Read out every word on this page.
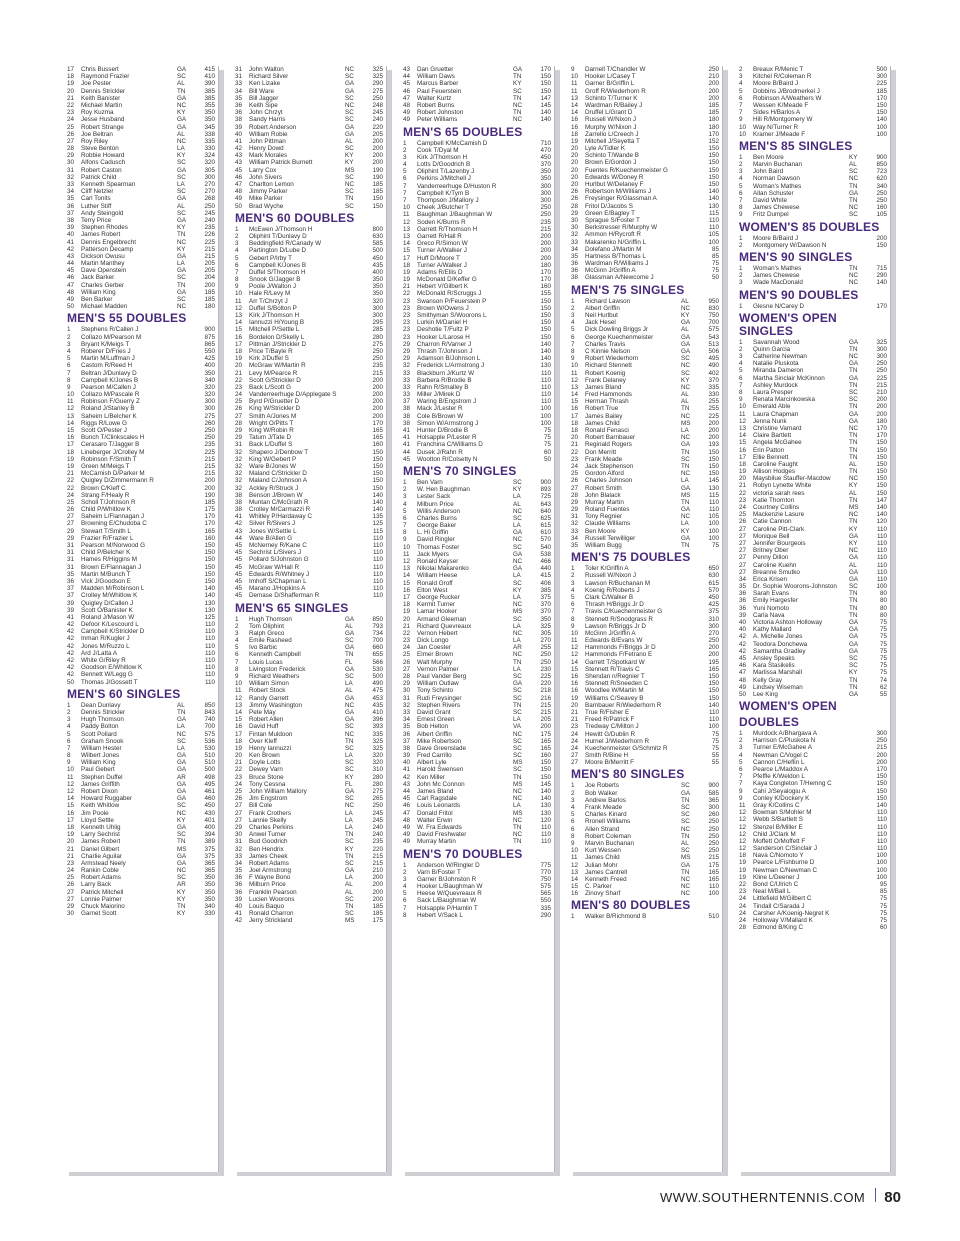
17	Chris Bussert	GA	415
18	Raymond Frazier	SC	410
19	Joe Pester	AL	390
20	Dennis Strickler	TN	385
21	Keith Banister	GA	385
22	Michael Martin	NC	355
23	Roy Kuzma	KY	350
24	Jesse Husband	GA	350
25	Robert Strange	GA	345
26	Joe Beltran	AL	338
27	Roy Riley	NC	335
28	Steve Benton	LA	330
29	Robbie Howard	KY	324
30	Alfons Cadusch	SC	320
31	Robert Caston	GA	305
32	Patrick Child	SC	300
33	Kenneth Spearman	LA	270
34	Cliff Netzler	SC	270
35	Carl Tonits	GA	268
36	Luther Stiff	AL	250
37	Andy Steingold	SC	245
38	Terry Price	GA	240
39	Stephen Rhodes	KY	235
40	James Robert	TN	226
41	Dennis Engelbrecht	NC	225
42	Patterson Decamp	KY	215
43	Dickson Owusu	GA	215
44	Martin Manthey	LA	205
45	Dave Openstein	GA	205
46	Jack Barker	SC	204
47	Charles Gerber	TN	200
48	William King	GA	185
49	Ben Barker	SC	185
50	Michael Madden	NC	180
MEN'S 55 DOUBLES
1	Stephens R/Callen J	900
2	Collazo M/Pearson M	875
3	Bryant K/Meigs T	865
4	Roberer D/Fries J	550
5	Martin M/Luffman J	425
6	Castom R/Reed H	400
7	Beltran J/Dunlavy D	350
8	Campbell K/Jones B	340
9	Pearson M/Callen J	320
10	Collazo M/Pascale R	320
11	Robinson F/Guerry Z	300
12	Roland J/Stanley B	300
13	Saheim L/Belcher K	275
14	Riggs R/Lowe G	260
15	Scott O/Pester J	250
16	Bunch T/Clinkscales H	250
17	Cerasaro T/Jagger B	235
18	Lineberger J/Crolley M	225
19	Robinson F/Smith T	215
19	Green M/Meigs T	215
21	McCarnish D/Parker M	215
22	Quigley D/Zimmermann R	200
22	Brown C/Kleff C	200
24	Strang F/Healy R	190
25	Scholl T/Johnson R	185
26	Child P/Whitlow K	175
27	Saheim L/Flannagan J	170
27	Browning E/Chudoba C	170
29	Stewart T/Smith L	165
29	Frazier R/Frazier L	160
31	Pearson M/Norwood G	150
31	Child P/Belcher K	150
31	Hames R/Higgins M	150
31	Brown E/Flannagan J	150
35	Martin M/Bunch T	150
36	Vick J/Goodson E	150
37	Madden M/Robinson L	140
37	Crolley M/Whitlow K	140
39	Quigley D/Callen J	130
39	Scott O/Banister K	130
41	Roland J/Mason W	125
42	Defoor K/Lescourd L	110
42	Campbell K/Strickler D	110
42	Inman R/Kugler J	110
42	Jones M/Ruzzo L	110
42	Ard J/Latta A	110
42	White G/Riley R	110
42	Goodson E/Whitlow K	110
42	Bennett W/Legg G	110
50	Thomas J/Gossett T	110
MEN'S 60 SINGLES
1	Dean Dunlavy	AL	850
2	Dennis Strickler	TN	843
3	Hugh Thomson	GA	740
4	Paddy Bolton	LA	700
5	Scott Pollard	NC	575
6	Graham Snook	SC	536
7	William Hester	LA	530
8	Wilbert Jones	GA	510
9	William King	GA	510
10	Paul Gebert	GA	500
11	Stephen Duffel	AR	498
12	James Griffith	GA	495
12	Robert Dixon	GA	461
14	Howard Ruggaber	GA	460
15	Keith Whitlow	SC	450
16	Jim Poole	NC	430
17	Lloyd Settle	KY	401
18	Kenneth Uhlig	GA	400
19	Larry Sechrist	SC	394
20	James Robert	TN	389
21	Daniel Gilbert	MS	375
21	Charlie Aguilar	GA	375
23	Armstead Neely	GA	365
24	Rankin Coble	NC	365
25	Robert Adams	SC	350
26	Larry Back	AR	350
27	Patrick Mitchell	KY	350
27	Lonnie Palmer	KY	350
29	Chuck Maiorino	TN	340
30	Garnet Scott	KY	330
31	John Walton	NC	325
31	Richard Silver	SC	325
33	Ken Lizake	GA	290
34	Bill Ware	GA	275
35	Bill Jagger	SC	250
36	Keith Sipe	NC	248
36	John Chrzyt	SC	245
38	Sandy Harris	SC	240
39	Robert Anderson	GA	220
40	William Robie	GA	205
41	John Pittman	AL	200
42	Henry Dowd	SC	200
43	Mark Morales	KY	200
43	William Patrick Burnett	KY	200
45	Larry Cox	MS	190
46	John Sivers	SC	190
47	Charlton Lemon	NC	185
48	Jimmy Parker	SC	185
49	Mike Parker	TN	150
50	Brad Wyche	SC	150
MEN'S 60 DOUBLES
1	McEwen J/Thomson H	800
2	Oliphint T/Dunlavy D	630
3	Beddingfield R/Canady W	585
4	Partington D/Lube D	500
5	Gebert P/Irby T	450
6	Campbell K/Jones B	435
7	Duffel S/Thomson H	400
8	Snook G/Jagger B	350
9	Poole J/Walton J	350
10	Hale R/Levy M	350
11	Arr T/Chrzyt J	320
12	Duffel S/Bolton P	300
13	Kirk J/Thomson H	300
14	Iannuzzi H/Young B	295
15	Mitchell P/Settle L	285
16	Bordelon D/Skelly L	280
17	Pittman J/Strickler D	275
18	Price T/Bayle R	250
19	Kirk J/Duffel S	250
20	McGraw W/Martin R	235
21	Levy M/Pearce R	215
22	Scott G/Strickler D	200
23	Back L/Scott G	200
24	Vanderreerhuge D/Applegate S	200
25	Byrd P/Gruetter D	200
26	King W/Strickler D	200
27	Smith A/Jones M	200
28	Wright O/Pitts T	170
29	King W/Robin R	165
29	Tatum J/Tate D	165
31	Back L/Duffel S	160
32	Shapero J/Denbow T	150
32	King W/Gebert P	150
32	Ware B/Jones W	150
32	Maland C/Strickler D	150
32	Maland C/Johnson A	150
32	Ackley R/Struck J	150
38	Benson J/Brown W	140
38	Muntan C/McGrath R	140
38	Crolley M/Carmazzi R	140
41	Whitley P/Hardaway C	135
42	Silver R/Sivers J	125
43	Jones W/Settle L	115
44	Ware B/Allen G	110
45	McNerney R/Kane C	110
45	Sechrist L/Sivers J	110
45	Pollard S/Johnston G	110
45	McGraw W/Hall R	110
45	Edwards R/Whitney J	110
45	Imhoff S/Chapman L	110
45	Marano J/Hopkins A	110
45	Demase D/Shafferman R	110
MEN'S 65 SINGLES
1	Hugh Thomson	GA	850
2	Tom Oliphint	AL	793
3	Ralph Greco	GA	734
4	Emile Rasheed	SC	700
5	Ivo Barbic	GA	660
6	Kenneth Campbell	TN	655
7	Louis Lucas	FL	566
8	Livingston Frederick	GA	530
9	Richard Weathers	SC	500
10	William Simon	LA	490
11	Robert Stock	AL	475
12	Randy Garrett	GA	453
13	Jimmy Washington	NC	435
14	Pete May	GA	410
15	Robert Allen	GA	396
16	David Huff	SC	393
17	Fintan Muldoon	NC	335
18	Over Kleff	TN	325
19	Henry Iannuzzi	SC	325
20	Ken Brown	LA	320
21	Doyle Lotts	SC	320
22	Dewey Varn	SC	310
23	Bruce Stone	KY	280
24	Tony Cessna	FL	280
25	John William Mallory	GA	275
26	Jim Engstrom	SC	265
27	Bill Cole	NC	250
27	Frank Crothers	LA	245
27	Lannie Skelly	LA	245
29	Charles Perkins	LA	240
30	Anwel Turner	TN	240
31	Bud Goodrich	SC	235
32	Ben Hendrix	KY	220
33	James Cheek	TN	215
34	Robert Adams	SC	215
35	Joel Armstrong	GA	210
36	F Wayne Bono	LA	200
36	Milburn Price	AL	200
36	Franklin Pearson	AL	200
39	Lucien Woorons	SC	200
40	Louis Baquo	TN	185
41	Ronald Charron	SC	185
42	Jerry Strickland	MS	175
43	Dan Gruetter	GA	170
44	William Daws	TN	150
45	Marcus Barber	KY	150
46	Paul Feuerstein	SC	150
47	Walter Kurtz	TN	147
48	Robert Burns	NC	145
49	Robert Johnston	TN	140
49	Peter Williams	NC	140
MEN'S 65 DOUBLES
1	Campbell K/McCamish D	710
2	Cook T/Dyal M	470
3	Kirk J/Thomson H	450
4	Lotts D/Goodrich B	370
5	Oliphint T/Lazenby J	350
6	Perkins J/Mitchell J	350
7	Vanderreerhuge D/Huston R	300
7	Campbell K/Tym B	300
7	Thompson J/Mallory J	300
10	Cheek J/Butcher T	250
11	Baughman J/Baughman W	250
12	Soden K/Burns R	235
13	Garrett R/Thomson H	215
13	Garrett R/Hall R	200
14	Greco R/Simon W	200
15	Turner A/Walker J	200
17	Huff D/Moore T	200
18	Turner A/Walker J	180
19	Adams R/Ellis D	170
19	McDonald D/Keffer G	170
21	Hebert V/Gilbert K	160
22	McDonald R/Scruggs J	155
23	Swanson P/Feuerstein P	150
23	Brown W/Owens J	150
23	Smithyman S/Woorons L	150
23	Lurkin M/Daniel H	150
23	Deshotie T/Fultz P	150
23	Hooker L/Larose H	150
29	Charron R/Varner J	140
29	Thrash T/Johnson J	140
29	Adamson B/Johnson L	140
32	Frederick L/Armstrong J	130
33	Blackburn J/Kurtz W	110
33	Barbera R/Brodie B	110
33	Rahn R/Smalley B	110
33	Miller J/Mirek D	110
37	Waring B/Engstrom J	110
38	Mack J/Lester R	100
38	Cole B/Brown W	100
38	Simon W/Armstrong J	100
41	Hunter D/Brodie B	75
41	Holsapple P/Lester R	75
41	Franchina C/Williams D	75
44	Dusek J/Rahn R	60
45	Wootton R/Colsetty N	50
MEN'S 70 SINGLES
1	Ben Varn	SC	900
2	W. Hen Baughman	KY	893
3	Lester Sack	LA	725
4	Milburn Price	AL	643
5	Willis Anderson	NC	640
6	Charles Burns	SC	625
7	George Baker	LA	615
8	L. Hi Griffin	GA	610
9	David Ringler	NC	570
10	Thomas Foster	SC	540
11	Jack Myers	GA	538
12	Ronald Keyser	NC	466
13	Nikolai Makarenko	GA	440
14	William Heese	LA	415
15	Ronald Groff	SC	406
16	Elton West	KY	385
17	George Rucker	LA	375
18	Kermit Turner	NC	370
19	Lamar Hooker	MS	370
20	Armand Gleeman	SC	350
21	Richard Quevreaux	LA	325
22	Vernon Hebert	NC	305
23	Dick Longo	LA	270
24	Jan Coester	AR	255
25	Elmer Brown	NC	250
26	Walt Murphy	TN	250
27	Vernon Palmer	LA	230
28	Paul Vander Berg	SC	225
29	William Outlaw	GA	220
30	Tony Schinto	SC	218
31	Rudi Freysinger	SC	216
32	Stephen Rivers	TN	215
33	David Grant	SC	215
34	Ernest Green	LA	205
35	Bob Helton	VA	200
36	Albert Griffin	NC	175
37	Mike Robertson	SC	165
38	Dave Greenslade	SC	165
39	Fred Carrillo	SC	160
40	Albert Lyle	MS	150
41	Harold Swensen	SC	150
42	Ken Miller	TN	150
43	John Mc Connon	MS	145
44	James Bland	NC	140
45	Carl Ragsdale	NC	140
46	Louis Leonards	LA	130
47	Donald Fritol	MS	130
48	Walter Erwin	NC	120
49	W. Fra Edwards	TN	110
49	David Freshwater	NC	110
49	Murray Martin	TN	110
MEN'S 70 DOUBLES
1	Anderson W/Ringler D	775
2	Varn B/Foster T	770
3	Garner B/Johnston R	750
4	Hooker L/Baughman W	575
5	Heese W/Quevreaux R	565
6	Sack L/Baughman W	550
7	Holsapple P/Hamlin T	335
8	Hebert V/Sack L	290
9	Darnell T/Chandler W	250
10	Hooker L/Casey T	210
11	Garner B/Griffin L	200
11	Groff R/Wiederhorn R	200
13	Schinto T/Turner K	200
14	Wardman R/Bailey J	185
14	Druffel L/Grant D	185
16	Russell W/Nixon J	180
16	Murphy W/Nixon J	180
18	Zarrello L/Creech J	170
19	Mitchell J/Seyetta T	152
20	Lyle A/Tidler K	150
20	Schinto T/Wande B	150
20	Brown E/Gordon J	150
20	Fuentes R/Kuechenmeister G	150
20	Edwards W/Doney R	150
20	Hurlbut W/Delaney F	150
26	Robertson M/Williams J	140
26	Freysinger R/Glassman A	140
28	Fritol D/Jacobs S	130
29	Green E/Bagley T	115
30	Sprague S/Foster T	110
30	Berkstresser R/Murphy W	110
32	Ammon H/Rycroft R	105
33	Makarenko N/Griffin L	100
34	Dolefano J/Martin M	85
35	Hartness B/Thomas L	85
36	Wardman R/Williams J	75
36	McGinn J/Griffin A	75
38	Glassman A/Newcome J	50
MEN'S 75 SINGLES
1	Richard Lawson	AL	950
2	Albert Griffin	NC	830
3	Neil Hurlbut	KY	750
4	Jack Hesel	GA	700
5	Dick Dowling Briggs Jr	AL	575
6	George Kuechenmeister	GA	543
7	Charles Travis	GA	513
8	C Kinnie Nelson	GA	506
9	Robert Wiederhorn	SC	495
10	Richard Stennett	NC	490
11	Robert Koenig	SC	402
12	Frank Delaney	KY	370
13	James Bland	NC	335
14	Fred Hammonds	AL	330
15	Herman Thrash	AL	255
16	Robert True	TN	255
17	James Bailey	NC	225
18	James Child	MS	200
18	Ronald Fenasci	LA	200
20	Robert Barnbauer	NC	200
21	Reginald Rogers	GA	193
22	Don Merritt	TN	150
23	Frank Meade	SC	150
24	Jack Stephenson	TN	150
25	Gordon Alford	NC	150
26	Charles Johnson	LA	145
27	Robert Smith	GA	130
28	John Blalack	MS	115
29	Murray Martin	TN	110
29	Roland Fuentes	GA	110
31	Tony Regnier	NC	105
32	Claude Williams	LA	100
33	Ben Moore	KY	100
34	Russell Terwilliger	GA	100
35	William Bugg	TN	75
MEN'S 75 DOUBLES
1	Toler K/Griffin A	650
2	Russell W/Nixon J	630
3	Lawson R/Buchanan M	615
4	Koenig R/Roberts J	570
5	Clark C/Walker B	450
6	Thrash H/Briggs Jr D	425
7	Travis C/Kuechenmeister G	375
8	Stennett R/Snodgrass R	310
9	Lawson R/Briggs Jr D	300
10	McGinn J/Griffin A	270
11	Edwards B/Evans W	250
12	Hammonds F/Briggs Jr D	200
12	Hammonds F/Fetrano E	200
14	Garrett T/Spotkard W	195
15	Stennett R/Travis C	165
16	Shendan n/Regnier T	150
16	Stennett R/Sneeden C	150
16	Woodlee W/Martin M	150
19	Williams C/Seavey B	150
20	Barnbauer R/Wiederhorn R	140
21	True R/Fisher E	110
21	Freed R/Patrick F	110
23	Tredway C/Milton J	100
24	Hewitt G/Dublin R	75
24	Hurnel J/Wiederhorn R	75
24	Kuechenmeister G/Schmitz R	75
27	Smith R/Bine H	55
27	Moore B/Merritt F	55
MEN'S 80 SINGLES
1	Joe Roberts	SC	900
2	Bob Walker	GA	585
3	Andrew Barlos	TN	365
4	Frank Meade	SC	300
5	Charles Kinard	SC	260
6	Rronell Williams	SC	250
6	Allen Strand	NC	250
8	Robert Coleman	TN	250
9	Marvin Buchanan	AL	250
10	Kurt Wessen	SC	250
11	James Child	MS	215
12	Julian Mohr	GA	175
13	James Cantrell	TN	165
14	Kenneth Freed	NC	165
15	C. Parker	NC	110
16	Zinovy Sharf	NC	100
MEN'S 80 DOUBLES
1	Walker B/Richmond B	510
2	Breaux R/Menic T	500
3	Kitchel R/Coleman R	300
4	Moore B/Baird J	225
5	Dobbins J/Brodmerkel J	185
6	Robinson A/Weathers W	170
7	Wessen K/Meade F	150
7	Sides H/Barlos A	150
9	Hill R/Montgomery W	140
10	Way N/Turner R	100
10	Kramer J/Meade F	100
MEN'S 85 SINGLES
1	Ben Moore	KY	900
2	Marvin Buchanan	AL	850
3	John Baird	SC	723
4	Norman Dawson	NC	620
5	Woman's Mathes	TN	340
6	Allan Schuster	GA	250
7	David White	TN	250
8	James Chewese	NC	160
9	Fritz Dumpel	SC	105
WOMEN'S 85 DOUBLES
1	Moore B/Baird J	200
2	Montgomery W/Dawson N	150
MEN'S 90 SINGLES
1	Woman's Mathes	TN	715
2	James Chewese	NC	290
3	Wade MacDonald	NC	140
MEN'S 90 DOUBLES
1	Glesne N/Carey D	170
WOMEN'S OPEN SINGLES
1	Savannah Wood	GA	325
2	Quinn Garcia	TN	300
3	Catherine Newman	NC	300
4	Natalie Pluskota	GA	250
5	Miranda Dameron	TN	250
6	Martha Sinclair McKinnon	GA	225
7	Ashley Murdock	TN	215
8	Laura Presper	SC	210
9	Renata Marcinkowska	SC	200
10	Emerald Able	TN	200
11	Laura Chapman	GA	200
12	Jenna Nunk	GA	180
13	Christine Varnard	NC	170
14	Claire Bartlett	TN	170
15	Angela McGahee	TN	150
16	Erin Patton	TN	150
17	Ellie Bennett	TN	150
18	Caroline Faught	AL	150
19	Allison Hodges	TN	150
20	Maysbilue Stauffer-Macdow	NC	150
21	Robyn Lynette White	KY	150
22	victoria sarah rees	AL	150
23	Katie Thornton	TN	147
24	Courtney Collins	MS	140
25	Mackenzie Lasure	NC	140
26	Catie Cannon	TN	120
27	Caroline Pitt-Clark	KY	110
27	Monique Bell	GA	110
27	Jennifer Bourgeois	KY	110
27	Britney Ober	NC	110
27	Penny Dillon	GA	110
27	Caroline Kuehn	AL	110
27	Breanne Smutko	GA	110
34	Erica Krisen	GA	110
35	Dr. Sophie Woorons-Johnston	SC	100
36	Sarah Evans	TN	80
36	Emily Hargesfer	TN	80
36	Yuni Nomoto	TN	80
39	Carla Nava	TN	80
40	Victoria Ashton Holloway	GA	75
40	Kathy Mallard	GA	75
42	A. Michelle Jones	GA	75
42	Teodora Donchewa	GA	75
42	Samantha Gradley	GA	75
45	Ansley Speaks	SC	75
46	Kara Stasikelis	SC	75
47	Marlissa Marshall	KY	75
48	Kelly Gray	TN	74
49	Lindsey Wiseman	TN	62
50	Lee King	GA	55
WOMEN'S OPEN
DOUBLES
1	Murdock A/Bhargava A	300
2	Harrison C/Pluskota N	250
3	Turner E/McGahee A	215
4	Newman C/Vogel C	200
5	Cannon C/Heflin L	200
6	Pearce L/Maddox A	170
7	Pfeffle K/Weldon L	150
7	Kaya Congleton T/Hemng C	150
9	Cahi J/Seyalogiu A	150
9	Conley K/Dockery K	150
11	Gray K/Collins C	140
12	Bowman S/Mohler M	110
12	Webb S/Bartlett S	110
12	Stenzel B/Miller E	110
12	Child J/Clark M	110
12	Moffett O/Moffett F	110
12	Sanderson C/Sinclair J	110
18	Nava C/Nomoto Y	100
19	Pearce L/Fishburne D	100
19	Newman C/Newman C	100
19	Kline L/Deener J	100
22	Bond C/Ulrich C	95
23	Neal M/Ball L	85
24	Littlefield M/Gilbert C	75
24	Tindall C/Sarada J	75
24	Carsher A/Koenig-Negret K	75
24	Holloway V/Mallard K	75
28	Edmond B/King C	60
WWW.SOUTHERNTENNIS.COM 80
